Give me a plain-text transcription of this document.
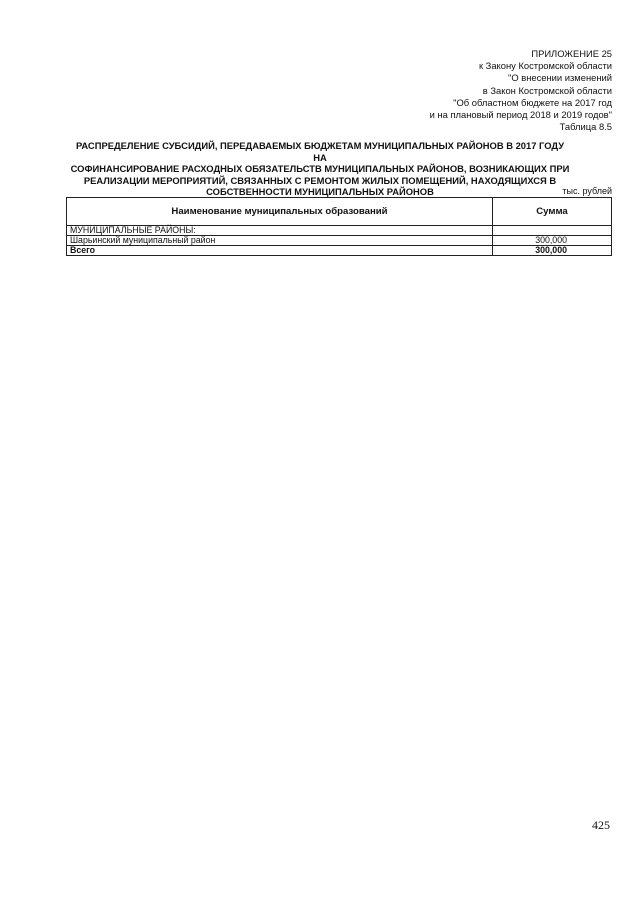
ПРИЛОЖЕНИЕ 25
к Закону Костромской области
"О внесении изменений
в Закон Костромской области
"Об областном бюджете на 2017 год
и на плановый период 2018 и 2019 годов"
Таблица 8.5
РАСПРЕДЕЛЕНИЕ СУБСИДИЙ, ПЕРЕДАВАЕМЫХ БЮДЖЕТАМ МУНИЦИПАЛЬНЫХ РАЙОНОВ В 2017 ГОДУ НА
СОФИНАНСИРОВАНИЕ РАСХОДНЫХ ОБЯЗАТЕЛЬСТВ МУНИЦИПАЛЬНЫХ РАЙОНОВ, ВОЗНИКАЮЩИХ ПРИ
РЕАЛИЗАЦИИ МЕРОПРИЯТИЙ, СВЯЗАННЫХ С РЕМОНТОМ ЖИЛЫХ ПОМЕЩЕНИЙ, НАХОДЯЩИХСЯ В
СОБСТВЕННОСТИ МУНИЦИПАЛЬНЫХ РАЙОНОВ	тыс. рублей
Наименование муниципальных образований	Сумма
МУНИЦИПАЛЬНЫЕ РАЙОНЫ:	
Шарьинский муниципальный район	300,000
Всего	300,000
425
